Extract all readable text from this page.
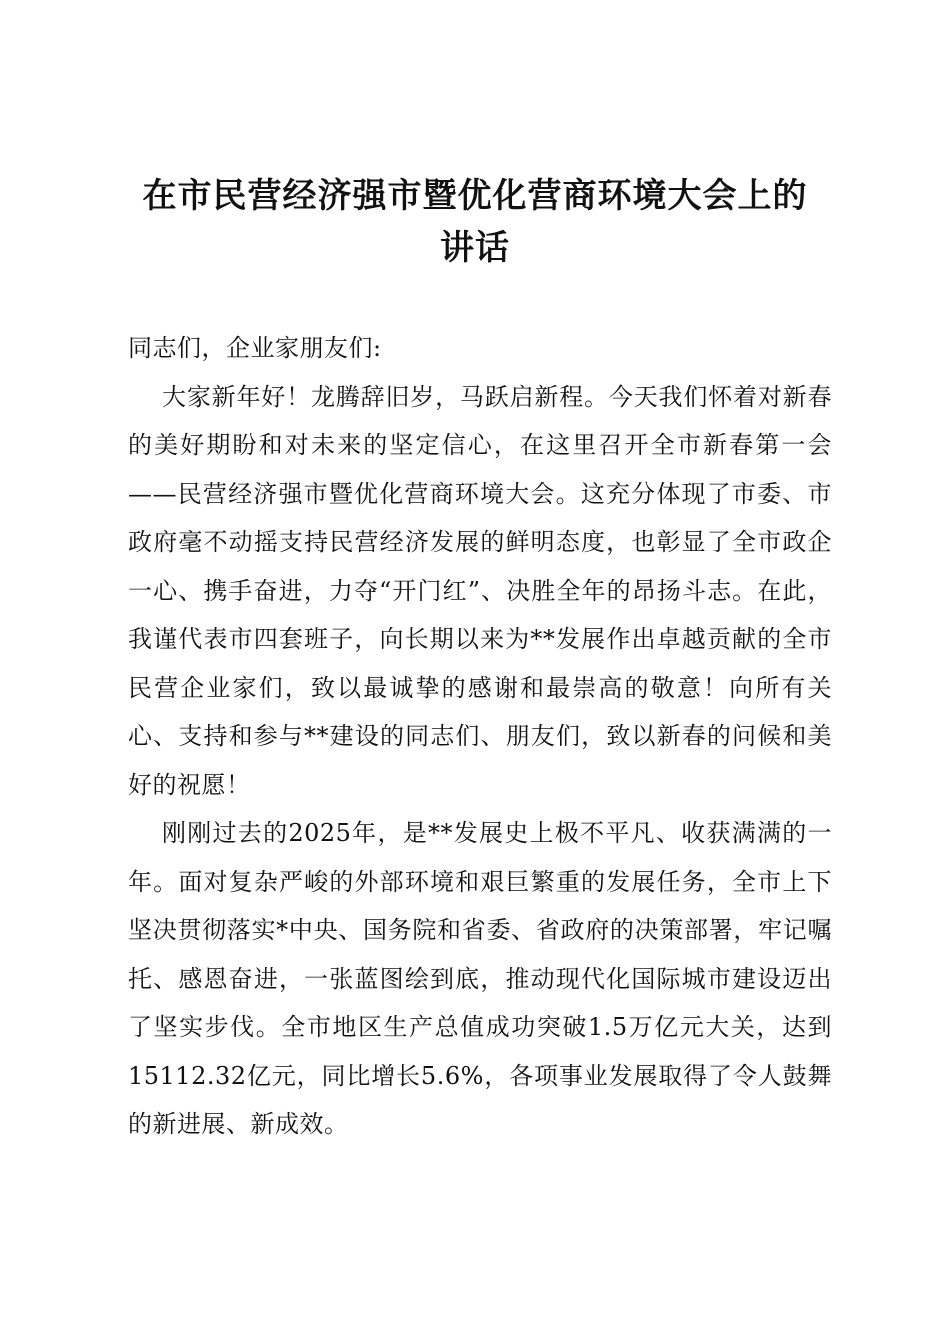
在市民营经济强市暨优化营商环境大会上的
讲话

同志们，企业家朋友们:

大家新年好！龙腾辞旧岁，马跃启新程。今天我们怀着对新春的美好期盼和对未来的坚定信心，在这里召开全市新春第一会——民营经济强市暨优化营商环境大会。这充分体现了市委、市政府毫不动摇支持民营经济发展的鲜明态度，也彰显了全市政企一心、携手奋进，力夺“开门红”、决胜全年的昂扬斗志。在此，我谨代表市四套班子，向长期以来为**发展作出卓越贡献的全市民营企业家们，致以最诚挚的感谢和最崇高的敬意！向所有关心、支持和参与**建设的同志们、朋友们，致以新春的问候和美好的祝愿！

刚刚过去的2025年，是**发展史上极不平凡、收获满满的一年。面对复杂严峻的外部环境和艰巨繁重的发展任务，全市上下坚决贯彻落实*中央、国务院和省委、省政府的决策部署，牢记嘱托、感恩奋进，一张蓝图绘到底，推动现代化国际城市建设迈出了坚实步伐。全市地区生产总值成功突破1.5万亿元大关，达到15112.32亿元，同比增长5.6%，各项事业发展取得了令人鼓舞的新进展、新成效。
